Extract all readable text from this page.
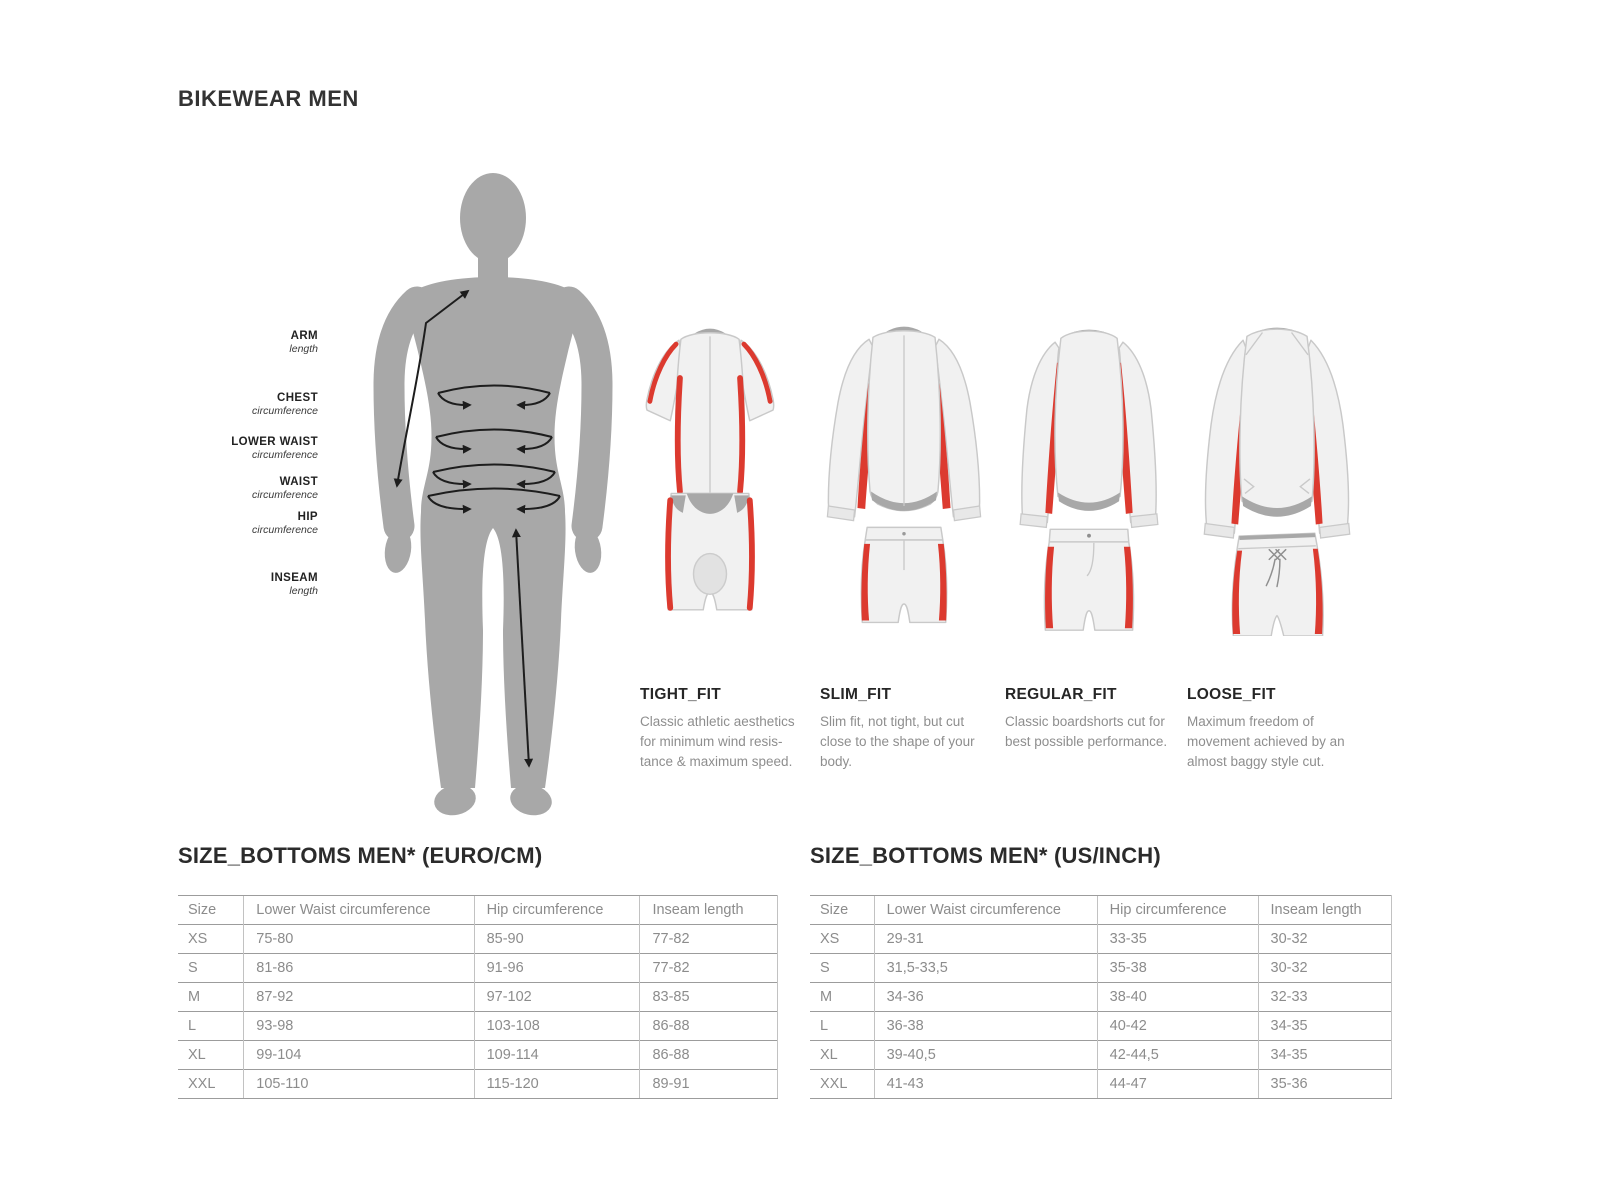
BIKEWEAR MEN
ARM
length
CHEST
circumference
LOWER WAIST
circumference
WAIST
circumference
HIP
circumference
INSEAM
length
TIGHT_FIT

Classic athletic aesthetics for minimum wind resis-tance & maximum speed.

SLIM_FIT

Slim fit, not tight, but cut close to the shape of your body.

REGULAR_FIT

Classic boardshorts cut for best possible performance.

LOOSE_FIT

Maximum freedom of movement achieved by an almost baggy style cut.

SIZE_BOTTOMS MEN* (EURO/CM)
Size	Lower Waist circumference	Hip circumference	Inseam length
XS	75-80	85-90	77-82
S	81-86	91-96	77-82
M	87-92	97-102	83-85
L	93-98	103-108	86-88
XL	99-104	109-114	86-88
XXL	105-110	115-120	89-91
SIZE_BOTTOMS MEN* (US/INCH)
Size	Lower Waist circumference	Hip circumference	Inseam length
XS	29-31	33-35	30-32
S	31,5-33,5	35-38	30-32
M	34-36	38-40	32-33
L	36-38	40-42	34-35
XL	39-40,5	42-44,5	34-35
XXL	41-43	44-47	35-36
